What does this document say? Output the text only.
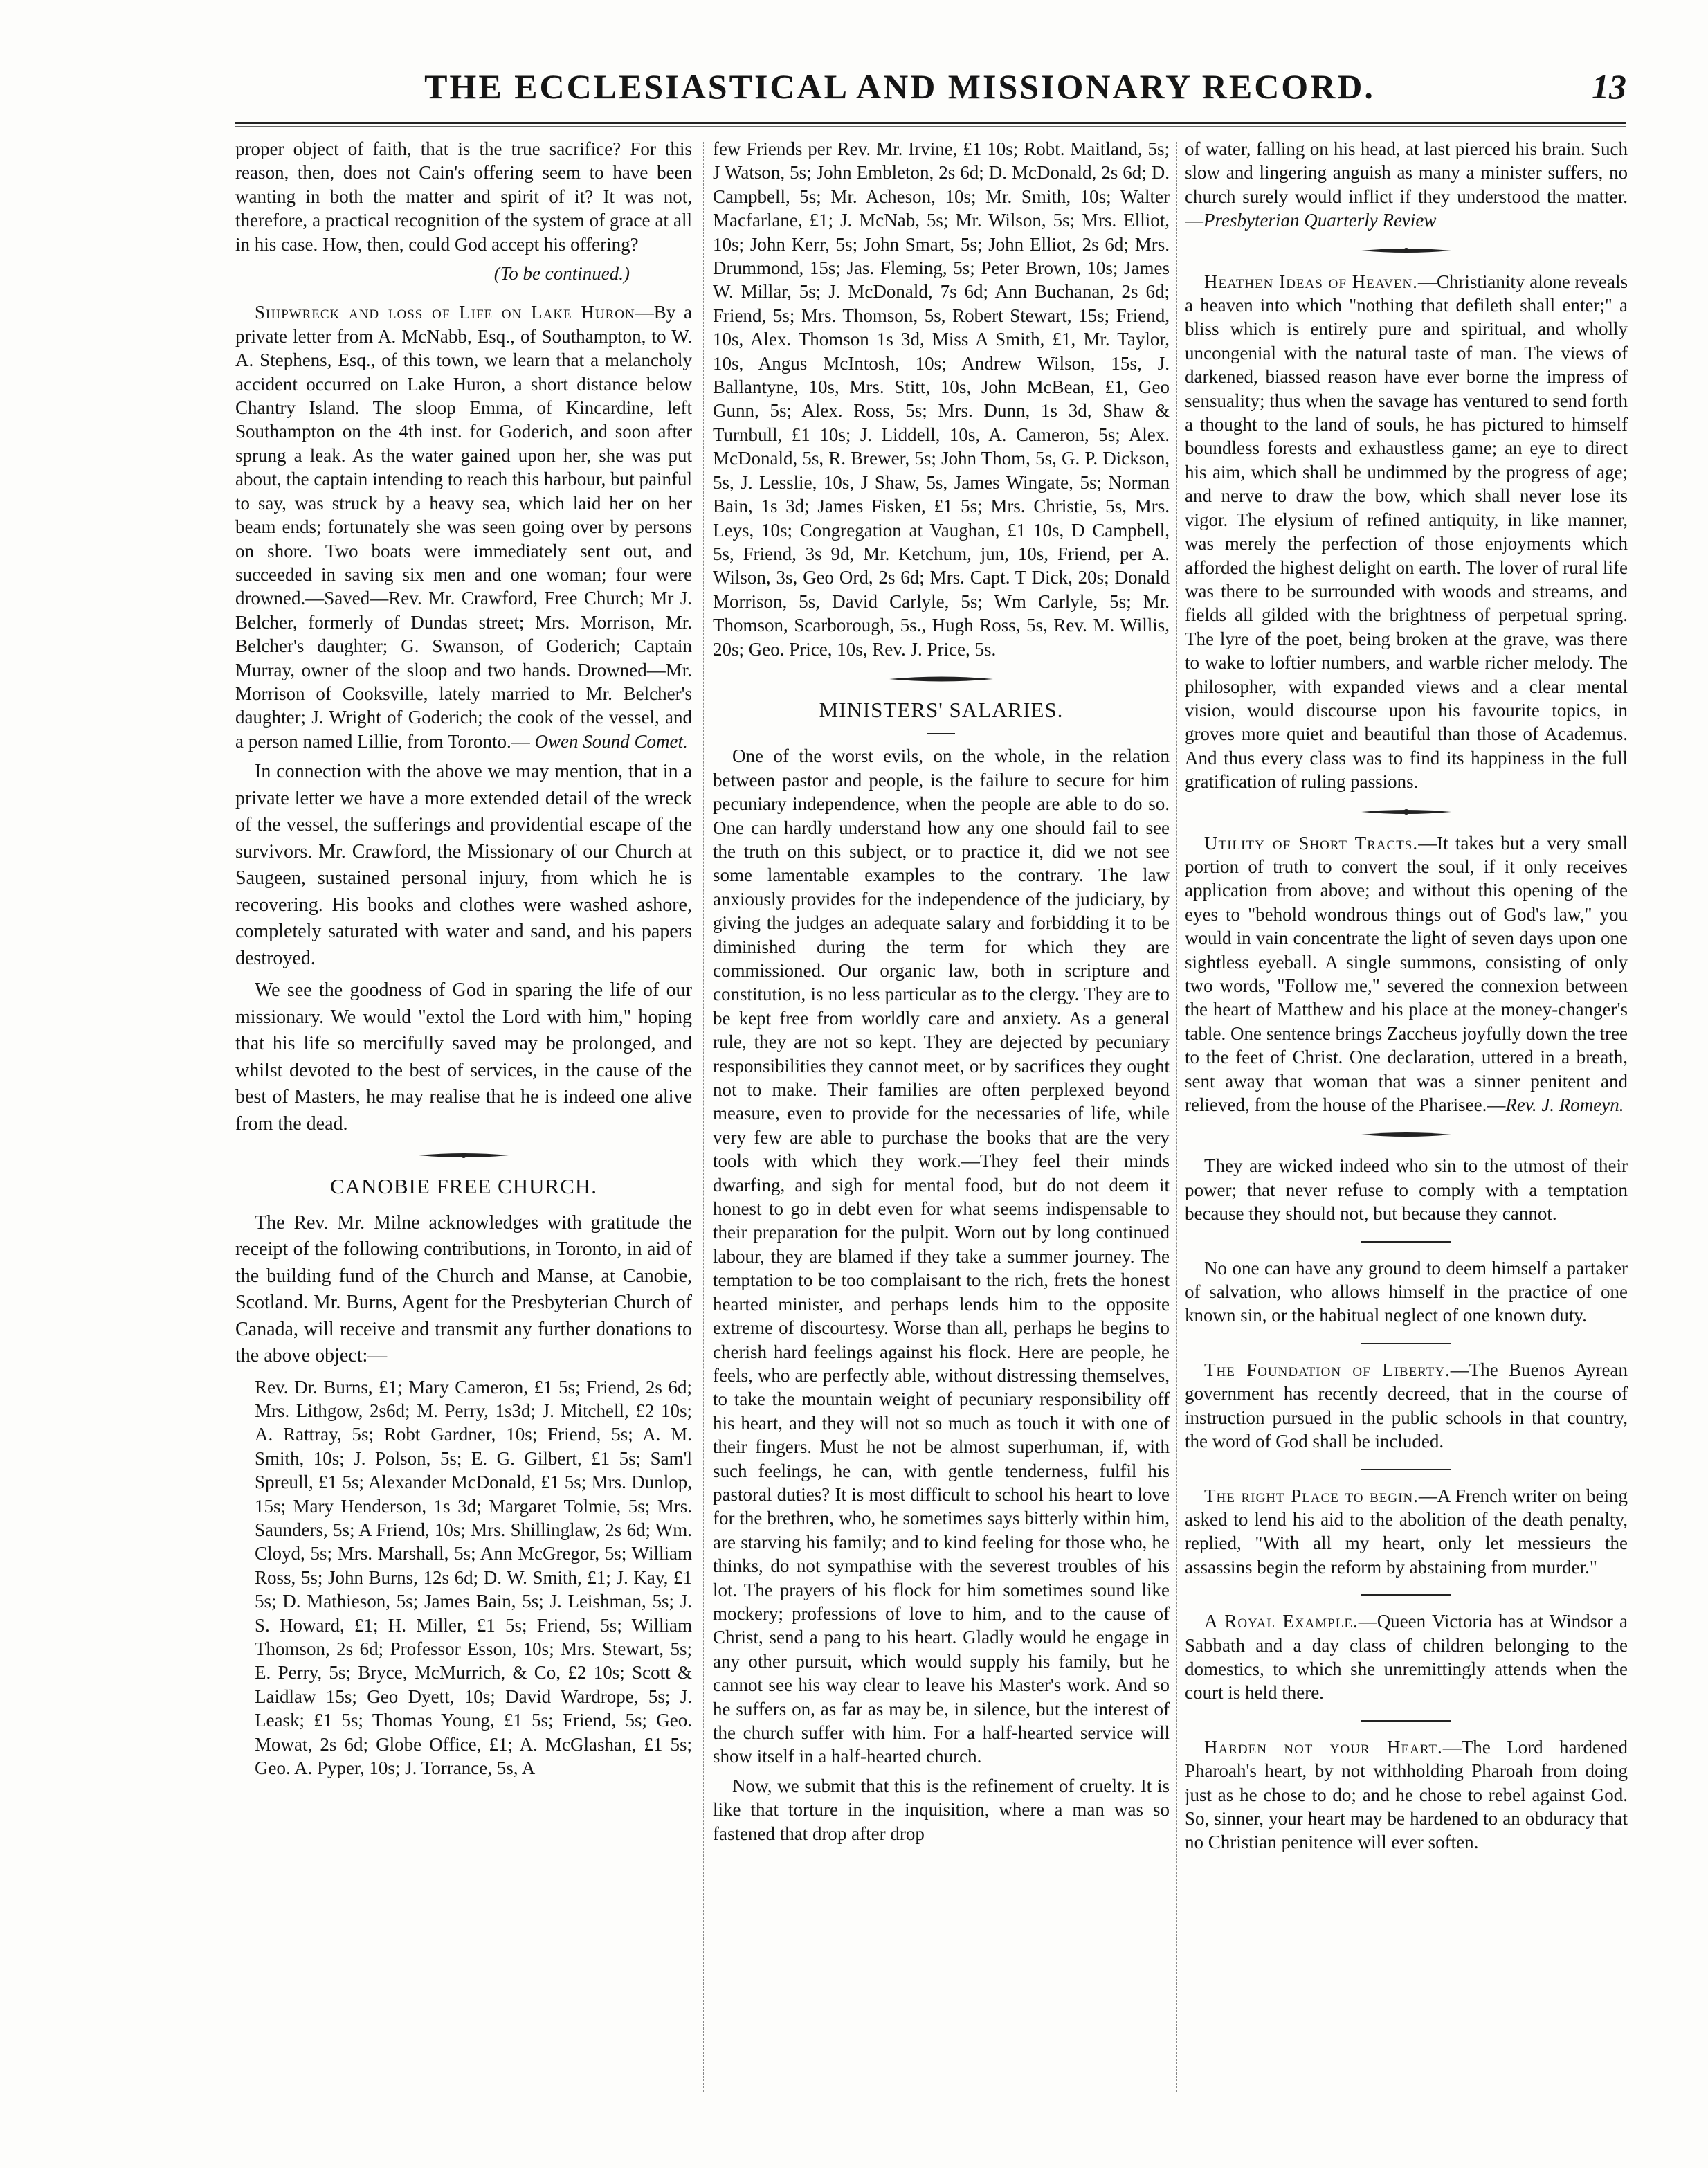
THE ECCLESIASTICAL AND MISSIONARY RECORD.	13

proper object of faith, that is the true sacrifice? For this reason, then, does not Cain's offering seem to have been wanting in both the matter and spirit of it? It was not, therefore, a practical recognition of the system of grace at all in his case. How, then, could God accept his offering?

(To be continued.)

Shipwreck and loss of Life on Lake Huron—By a private letter from A. McNabb, Esq., of Southampton, to W. A. Stephens, Esq., of this town, we learn that a melancholy accident occurred on Lake Huron, a short distance below Chantry Island. The sloop Emma, of Kincardine, left Southampton on the 4th inst. for Goderich, and soon after sprung a leak. As the water gained upon her, she was put about, the captain intending to reach this harbour, but painful to say, was struck by a heavy sea, which laid her on her beam ends; fortunately she was seen going over by persons on shore. Two boats were immediately sent out, and succeeded in saving six men and one woman; four were drowned.—Saved—Rev. Mr. Crawford, Free Church; Mr J. Belcher, formerly of Dundas street; Mrs. Morrison, Mr. Belcher's daughter; G. Swanson, of Goderich; Captain Murray, owner of the sloop and two hands. Drowned—Mr. Morrison of Cooksville, lately married to Mr. Belcher's daughter; J. Wright of Goderich; the cook of the vessel, and a person named Lillie, from Toronto.— Owen Sound Comet.

In connection with the above we may mention, that in a private letter we have a more extended detail of the wreck of the vessel, the sufferings and providential escape of the survivors. Mr. Crawford, the Missionary of our Church at Saugeen, sustained personal injury, from which he is recovering. His books and clothes were washed ashore, completely saturated with water and sand, and his papers destroyed.

We see the goodness of God in sparing the life of our missionary. We would "extol the Lord with him," hoping that his life so mercifully saved may be prolonged, and whilst devoted to the best of services, in the cause of the best of Masters, he may realise that he is indeed one alive from the dead.

CANOBIE FREE CHURCH.

The Rev. Mr. Milne acknowledges with gratitude the receipt of the following contributions, in Toronto, in aid of the building fund of the Church and Manse, at Canobie, Scotland. Mr. Burns, Agent for the Presbyterian Church of Canada, will receive and transmit any further donations to the above object:—

Rev. Dr. Burns, £1; Mary Cameron, £1 5s; Friend, 2s 6d; Mrs. Lithgow, 2s6d; M. Perry, 1s3d; J. Mitchell, £2 10s; A. Rattray, 5s; Robt Gardner, 10s; Friend, 5s; A. M. Smith, 10s; J. Polson, 5s; E. G. Gilbert, £1 5s; Sam'l Spreull, £1 5s; Alexander McDonald, £1 5s; Mrs. Dunlop, 15s; Mary Henderson, 1s 3d; Margaret Tolmie, 5s; Mrs. Saunders, 5s; A Friend, 10s; Mrs. Shillinglaw, 2s 6d; Wm. Cloyd, 5s; Mrs. Marshall, 5s; Ann McGregor, 5s; William Ross, 5s; John Burns, 12s 6d; D. W. Smith, £1; J. Kay, £1 5s; D. Mathieson, 5s; James Bain, 5s; J. Leishman, 5s; J. S. Howard, £1; H. Miller, £1 5s; Friend, 5s; William Thomson, 2s 6d; Professor Esson, 10s; Mrs. Stewart, 5s; E. Perry, 5s; Bryce, McMurrich, & Co, £2 10s; Scott & Laidlaw 15s; Geo Dyett, 10s; David Wardrope, 5s; J. Leask; £1 5s; Thomas Young, £1 5s; Friend, 5s; Geo. Mowat, 2s 6d; Globe Office, £1; A. McGlashan, £1 5s; Geo. A. Pyper, 10s; J. Torrance, 5s, A

few Friends per Rev. Mr. Irvine, £1 10s; Robt. Maitland, 5s; J Watson, 5s; John Embleton, 2s 6d; D. McDonald, 2s 6d; D. Campbell, 5s; Mr. Acheson, 10s; Mr. Smith, 10s; Walter Macfarlane, £1; J. McNab, 5s; Mr. Wilson, 5s; Mrs. Elliot, 10s; John Kerr, 5s; John Smart, 5s; John Elliot, 2s 6d; Mrs. Drummond, 15s; Jas. Fleming, 5s; Peter Brown, 10s; James W. Millar, 5s; J. McDonald, 7s 6d; Ann Buchanan, 2s 6d; Friend, 5s; Mrs. Thomson, 5s, Robert Stewart, 15s; Friend, 10s, Alex. Thomson 1s 3d, Miss A Smith, £1, Mr. Taylor, 10s, Angus McIntosh, 10s; Andrew Wilson, 15s, J. Ballantyne, 10s, Mrs. Stitt, 10s, John McBean, £1, Geo Gunn, 5s; Alex. Ross, 5s; Mrs. Dunn, 1s 3d, Shaw & Turnbull, £1 10s; J. Liddell, 10s, A. Cameron, 5s; Alex. McDonald, 5s, R. Brewer, 5s; John Thom, 5s, G. P. Dickson, 5s, J. Lesslie, 10s, J Shaw, 5s, James Wingate, 5s; Norman Bain, 1s 3d; James Fisken, £1 5s; Mrs. Christie, 5s, Mrs. Leys, 10s; Congregation at Vaughan, £1 10s, D Campbell, 5s, Friend, 3s 9d, Mr. Ketchum, jun, 10s, Friend, per A. Wilson, 3s, Geo Ord, 2s 6d; Mrs. Capt. T Dick, 20s; Donald Morrison, 5s, David Carlyle, 5s; Wm Carlyle, 5s; Mr. Thomson, Scarborough, 5s., Hugh Ross, 5s, Rev. M. Willis, 20s; Geo. Price, 10s, Rev. J. Price, 5s.

MINISTERS' SALARIES.

One of the worst evils, on the whole, in the relation between pastor and people, is the failure to secure for him pecuniary independence, when the people are able to do so. One can hardly understand how any one should fail to see the truth on this subject, or to practice it, did we not see some lamentable examples to the contrary. The law anxiously provides for the independence of the judiciary, by giving the judges an adequate salary and forbidding it to be diminished during the term for which they are commissioned. Our organic law, both in scripture and constitution, is no less particular as to the clergy. They are to be kept free from worldly care and anxiety. As a general rule, they are not so kept. They are dejected by pecuniary responsibilities they cannot meet, or by sacrifices they ought not to make. Their families are often perplexed beyond measure, even to provide for the necessaries of life, while very few are able to purchase the books that are the very tools with which they work.—They feel their minds dwarfing, and sigh for mental food, but do not deem it honest to go in debt even for what seems indispensable to their preparation for the pulpit. Worn out by long continued labour, they are blamed if they take a summer journey. The temptation to be too complaisant to the rich, frets the honest hearted minister, and perhaps lends him to the opposite extreme of discourtesy. Worse than all, perhaps he begins to cherish hard feelings against his flock. Here are people, he feels, who are perfectly able, without distressing themselves, to take the mountain weight of pecuniary responsibility off his heart, and they will not so much as touch it with one of their fingers. Must he not be almost superhuman, if, with such feelings, he can, with gentle tenderness, fulfil his pastoral duties? It is most difficult to school his heart to love for the brethren, who, he sometimes says bitterly within him, are starving his family; and to kind feeling for those who, he thinks, do not sympathise with the severest troubles of his lot. The prayers of his flock for him sometimes sound like mockery; professions of love to him, and to the cause of Christ, send a pang to his heart. Gladly would he engage in any other pursuit, which would supply his family, but he cannot see his way clear to leave his Master's work. And so he suffers on, as far as may be, in silence, but the interest of the church suffer with him. For a half-hearted service will show itself in a half-hearted church.

Now, we submit that this is the refinement of cruelty. It is like that torture in the inquisition, where a man was so fastened that drop after drop

of water, falling on his head, at last pierced his brain. Such slow and lingering anguish as many a minister suffers, no church surely would inflict if they understood the matter.—Presbyterian Quarterly Review

Heathen Ideas of Heaven.—Christianity alone reveals a heaven into which "nothing that defileth shall enter;" a bliss which is entirely pure and spiritual, and wholly uncongenial with the natural taste of man. The views of darkened, biassed reason have ever borne the impress of sensuality; thus when the savage has ventured to send forth a thought to the land of souls, he has pictured to himself boundless forests and exhaustless game; an eye to direct his aim, which shall be undimmed by the progress of age; and nerve to draw the bow, which shall never lose its vigor. The elysium of refined antiquity, in like manner, was merely the perfection of those enjoyments which afforded the highest delight on earth. The lover of rural life was there to be surrounded with woods and streams, and fields all gilded with the brightness of perpetual spring. The lyre of the poet, being broken at the grave, was there to wake to loftier numbers, and warble richer melody. The philosopher, with expanded views and a clear mental vision, would discourse upon his favourite topics, in groves more quiet and beautiful than those of Academus. And thus every class was to find its happiness in the full gratification of ruling passions.

Utility of Short Tracts.—It takes but a very small portion of truth to convert the soul, if it only receives application from above; and without this opening of the eyes to "behold wondrous things out of God's law," you would in vain concentrate the light of seven days upon one sightless eyeball. A single summons, consisting of only two words, "Follow me," severed the connexion between the heart of Matthew and his place at the money-changer's table. One sentence brings Zaccheus joyfully down the tree to the feet of Christ. One declaration, uttered in a breath, sent away that woman that was a sinner penitent and relieved, from the house of the Pharisee.—Rev. J. Romeyn.

They are wicked indeed who sin to the utmost of their power; that never refuse to comply with a temptation because they should not, but because they cannot.

No one can have any ground to deem himself a partaker of salvation, who allows himself in the practice of one known sin, or the habitual neglect of one known duty.

The Foundation of Liberty.—The Buenos Ayrean government has recently decreed, that in the course of instruction pursued in the public schools in that country, the word of God shall be included.

The right Place to begin.—A French writer on being asked to lend his aid to the abolition of the death penalty, replied, "With all my heart, only let messieurs the assassins begin the reform by abstaining from murder."

A Royal Example.—Queen Victoria has at Windsor a Sabbath and a day class of children belonging to the domestics, to which she unremittingly attends when the court is held there.

Harden not your Heart.—The Lord hardened Pharoah's heart, by not withholding Pharoah from doing just as he chose to do; and he chose to rebel against God. So, sinner, your heart may be hardened to an obduracy that no Christian penitence will ever soften.
